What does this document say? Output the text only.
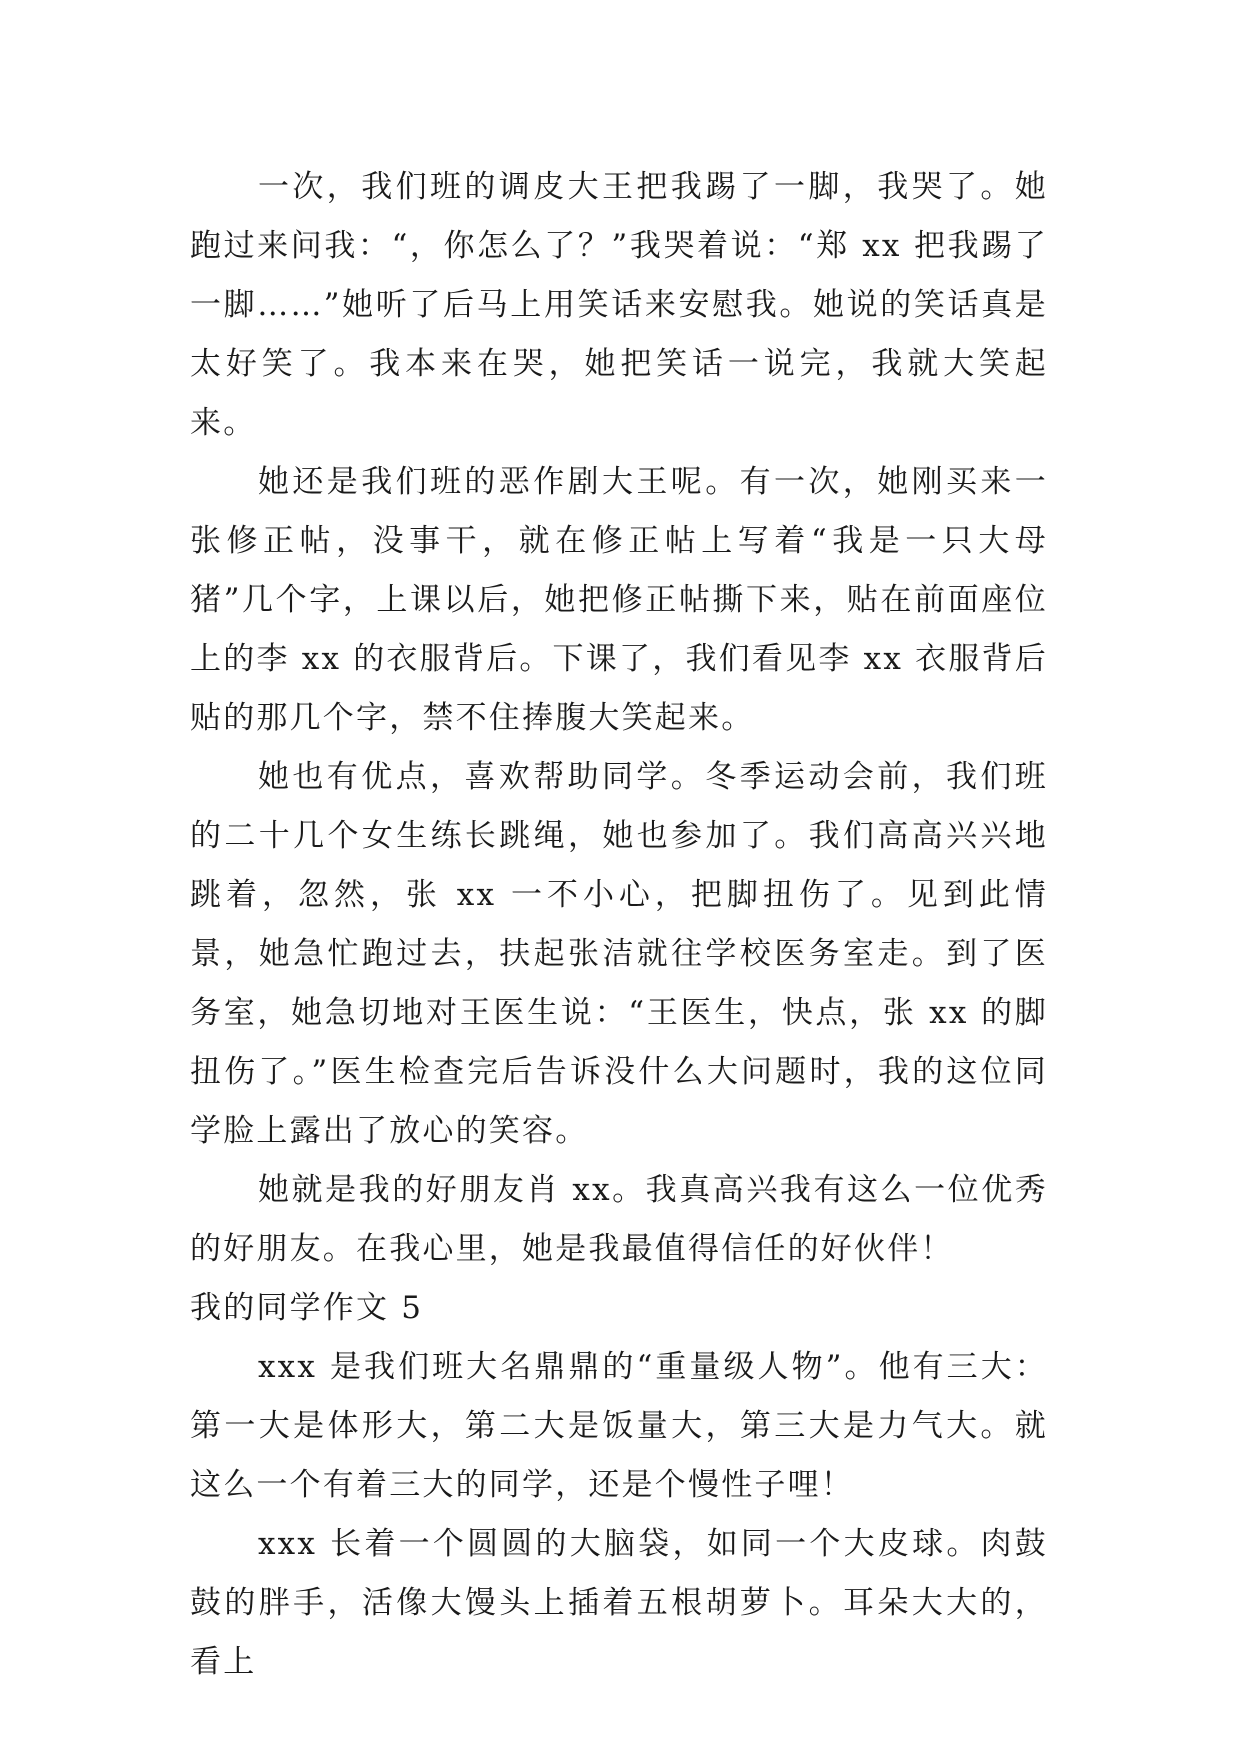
一次，我们班的调皮大王把我踢了一脚，我哭了。她跑过来问我：“，你怎么了？”我哭着说：“郑 xx 把我踢了一脚……”她听了后马上用笑话来安慰我。她说的笑话真是太好笑了。我本来在哭，她把笑话一说完，我就大笑起来。

她还是我们班的恶作剧大王呢。有一次，她刚买来一张修正帖，没事干，就在修正帖上写着“我是一只大母猪”几个字，上课以后，她把修正帖撕下来，贴在前面座位上的李 xx 的衣服背后。下课了，我们看见李 xx 衣服背后贴的那几个字，禁不住捧腹大笑起来。

她也有优点，喜欢帮助同学。冬季运动会前，我们班的二十几个女生练长跳绳，她也参加了。我们高高兴兴地跳着，忽然，张 xx 一不小心，把脚扭伤了。见到此情景，她急忙跑过去，扶起张洁就往学校医务室走。到了医务室，她急切地对王医生说：“王医生，快点，张 xx 的脚扭伤了。”医生检查完后告诉没什么大问题时，我的这位同学脸上露出了放心的笑容。

她就是我的好朋友肖 xx。我真高兴我有这么一位优秀的好朋友。在我心里，她是我最值得信任的好伙伴！

我的同学作文 5

xxx 是我们班大名鼎鼎的“重量级人物”。他有三大：第一大是体形大，第二大是饭量大，第三大是力气大。就这么一个有着三大的同学，还是个慢性子哩！

xxx 长着一个圆圆的大脑袋，如同一个大皮球。肉鼓鼓的胖手，活像大馒头上插着五根胡萝卜。耳朵大大的，看上
